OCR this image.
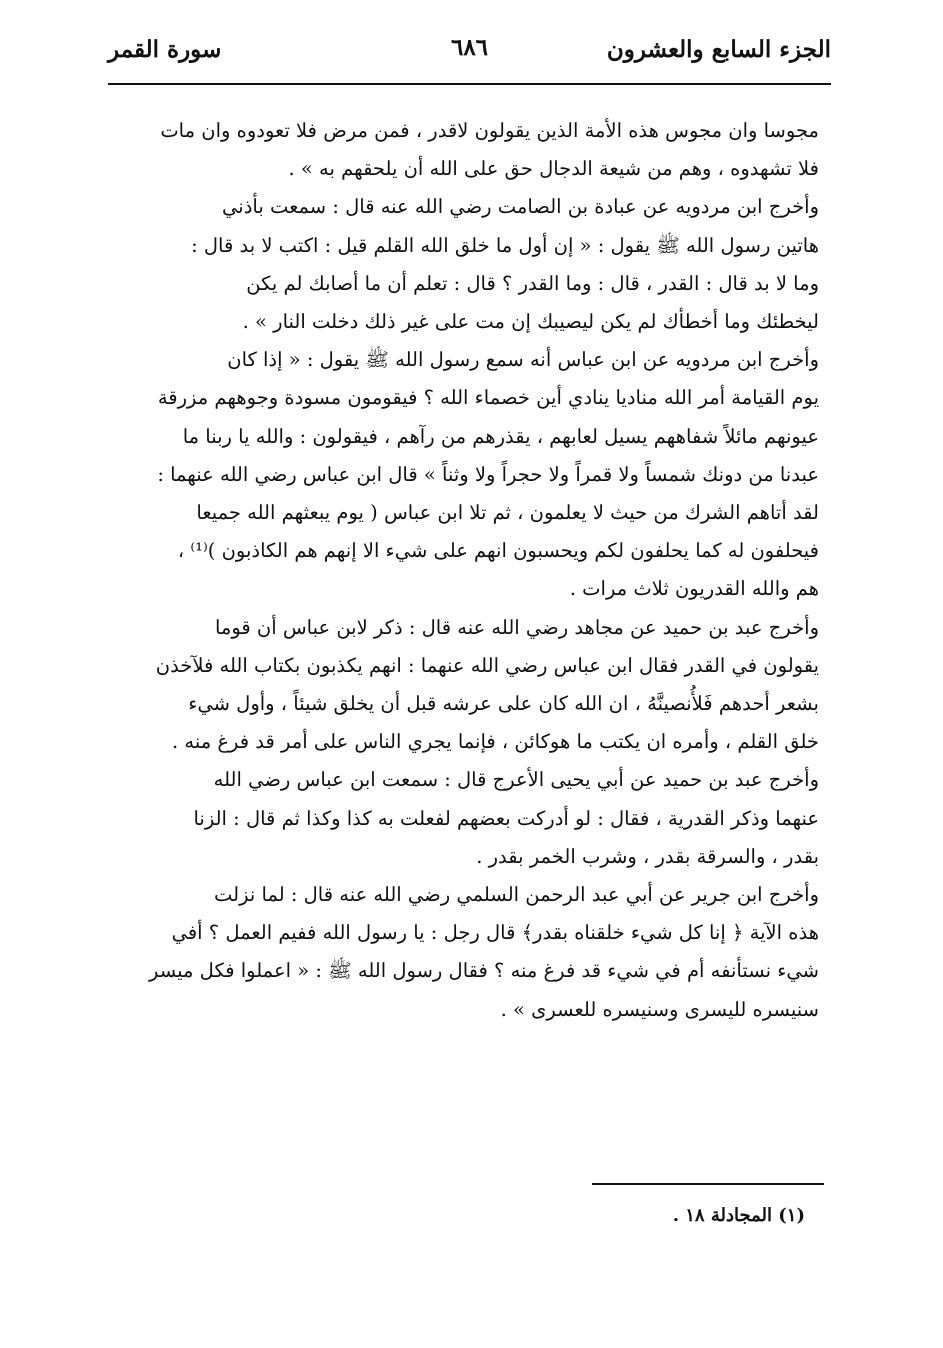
الجزء السابع والعشرون
٦٨٦
سورة القمر

مجوسا وان مجوس هذه الأمة الذين يقولون لاقدر ، فمن مرض فلا تعودوه وان مات
فلا تشهدوه ، وهم من شيعة الدجال حق على الله أن يلحقهم به » .

وأخرج ابن مردويه عن عبادة بن الصامت رضي الله عنه قال : سمعت بأذني
هاتين رسول الله ﷺ يقول : « إن أول ما خلق الله القلم قيل : اكتب لا بد قال :
وما لا بد قال : القدر ، قال : وما القدر ؟ قال : تعلم أن ما أصابك لم يكن
ليخطئك وما أخطأك لم يكن ليصيبك إن مت على غير ذلك دخلت النار » .

وأخرج ابن مردويه عن ابن عباس أنه سمع رسول الله ﷺ يقول : « إذا كان
يوم القيامة أمر الله مناديا ينادي أين خصماء الله ؟ فيقومون مسودة وجوههم مزرقة
عيونهم مائلاً شفاههم يسيل لعابهم ، يقذرهم من رآهم ، فيقولون : والله يا ربنا ما
عبدنا من دونك شمساً ولا قمراً ولا حجراً ولا وثناً » قال ابن عباس رضي الله عنهما :
لقد أتاهم الشرك من حيث لا يعلمون ، ثم تلا ابن عباس ( يوم يبعثهم الله جميعا
فيحلفون له كما يحلفون لكم ويحسبون انهم على شيء الا إنهم هم الكاذبون )⁽¹⁾ ،
هم والله القدريون ثلاث مرات .

وأخرج عبد بن حميد عن مجاهد رضي الله عنه قال : ذكر لابن عباس أن قوما
يقولون في القدر فقال ابن عباس رضي الله عنهما : انهم يكذبون بكتاب الله فلآخذن
بشعر أحدهم فَلأُنصينَّهُ ، ان الله كان على عرشه قبل أن يخلق شيئاً ، وأول شيء
خلق القلم ، وأمره ان يكتب ما هوكائن ، فإنما يجري الناس على أمر قد فرغ منه .

وأخرج عبد بن حميد عن أبي يحيى الأعرج قال : سمعت ابن عباس رضي الله
عنهما وذكر القدرية ، فقال : لو أدركت بعضهم لفعلت به كذا وكذا ثم قال : الزنا
بقدر ، والسرقة بقدر ، وشرب الخمر بقدر .

وأخرج ابن جرير عن أبي عبد الرحمن السلمي رضي الله عنه قال : لما نزلت
هذه الآية ﴿ إنا كل شيء خلقناه بقدر﴾ قال رجل : يا رسول الله ففيم العمل ؟ أفي
شيء نستأنفه أم في شيء قد فرغ منه ؟ فقال رسول الله ﷺ : « اعملوا فكل ميسر
سنيسره لليسرى وسنيسره للعسرى » .

(١) المجادلة ١٨ .
